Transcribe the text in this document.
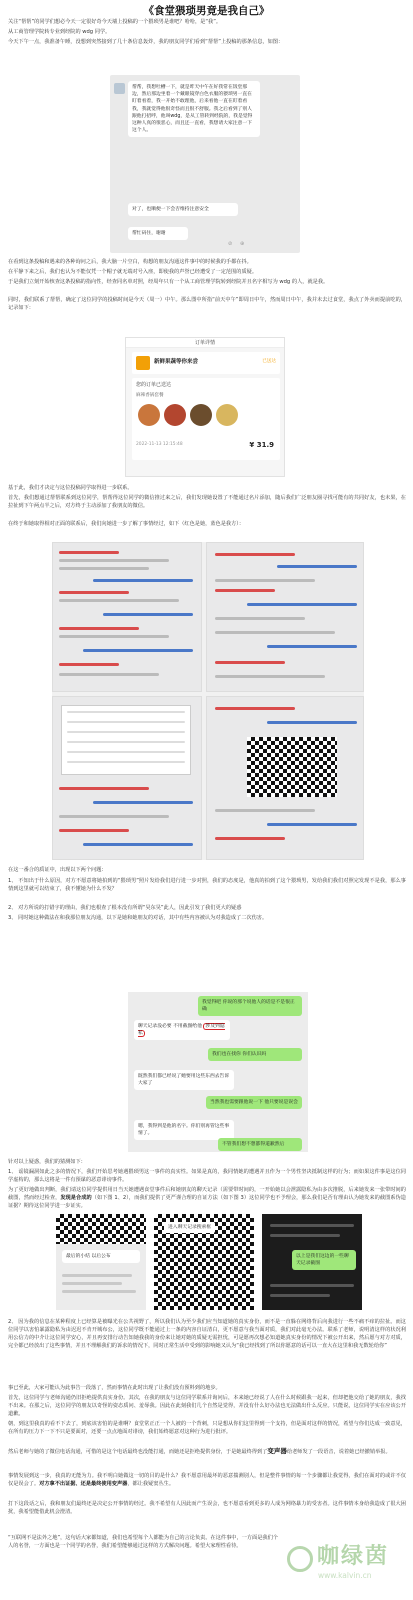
《食堂猥琐男竟是我自己》
关注“帮帮”的同学们想必今天一定很好奇今天墙上投稿的一个猥琐男是谁吧？哈哈，是“我”。
从工商管理学院转专业到经院的 wdg 同学。
今天下午一点，我准备午睡，没想到突然接到了几十条信息轰炸，我的朋友同学们看到“帮帮”上投稿的那条信息，如图：
帮帮，我想吐槽一下，就是昨天中午在好我常在饭堂那边，然后那边坐着一个戴眼镜穿白色衣服的猥琐男一直在盯着看着，我一开始不敢理他，后来看他一直在盯着看我，我就觉得他很奇怪而且很不舒服。我之后看到了别人跟他打招呼，他叫wdg，是从工管转到经院的，我是觉得这种人真的很恶心，而且还一直看，我想请大家注意一下这个人。
对了，也顺便一下会否维持注意安全
帮忙码住，谢谢
⊘ ⊕
在看到这条投稿和遇来的各种询问之后，我大脑一片空白，构想的朋友沟通这件事中的时候我的手都在抖。
在平静下来之后，我们也认为不能仅凭一个帽子就无端对号入座，即使我的声誉已经遭受了一定范围的质疑。
于是我们立刻开始核查这条投稿的指向性，经查同名单对照，经周年只有一个从工商管理学院转到经院并且名字相写为 wdg 的人，就是我。
同时，我们联系了帮帮，确定了这位同学的投稿时间是今天（周一）中午。那么图中所指“前天中午”即周日中午，然而周日中午，我并未去过食堂，我点了外卖而提前吃的，记录如下：
订单详情
新鲜果蔬等你来尝	已送达
您的订单已送达
麻辣香锅套餐
2022-11-13 12:15:48	¥ 31.9
基于此，我们才决定与这位投稿同学取得进一步联系。
首先，我们想通过帮帮联系到这位同学，帮帮得这位同学的微信推过来之后，我们发现她设置了不能通过名片添加，随后我们广泛朋友圈寻找可能有的共同好友，也未果，在拉扯到下午两点半之后，对方终于主动添加了我朋友的微信。
在终于和她取得相对正面的联系后，我们向她进一步了解了事情经过，如下（红色是她，蓝色是我方）：
在这一番合的质证中，出现以下两个问题：
1、 不知出于什么原因，对方不愿意将她拍到的“猥琐男”照片发给我们进行进一步对照，我们的态度是，他真的拍到了这个猥琐男，发给我们我们对照完发现不是我，那么事情到这里就可以结束了，我不懂她为什么不发？
2、 对方所说的打错字的理由，我们也根查了根本没有所谓“昊东昊”此人，因此引发了我们更大的疑惑
3、 同时她这种做法在和我那位朋友沟通，以下是她和她朋友的对话，其中有些内容被认为对我造成了二次伤害。
我觉得吧 你说的那个说他人的话是不是很正确
聊天记录没必要 不用截图给他 涉及到隐私
我们也在找你 你们认识吗
既然我们都已经说了她要用这些东西去告诉大家了
当然我也需要跟他说一下 他只要说是误会
嗯，我得到是他的名字。你们别再管这些事情了。
不管我们想不想都得道歉然后
针对以上疑惑，我们的猜测如下：
1、 谣镜漏洞如此之多的情况下，我们开始思考她遇猥琐男这一事件的真实性。如果是真的，我同情她的遭遇并且作为一个男性坚决抵制这样的行为；而如果这件事是这位同学虚构的，那么这将是一件有预谋的恶意诽谤事件。
为了更好地做出判断，我们请这位同学提供用日当天她遭遇食堂事件后和她朋友的聊天记录（需要带时间的，一开始她以会泄露隐私为由多次推脱，后来她发来一张带时间的截图，然而经过检查，发现是合成的（如下图 1、2），而我们提供了更严谨合理的自证方法（如下图 3）这位同学也不予理会，那么我们是否有理由认为她发来的截图系伪造证据？期待这位同学进一步证实。
最后的小结 以后公布
进入聊天记录搜索框
以上是我们这边的一些聊天记录截图
2、 因为我的信息在某种程度上已经算是被曝光在公共视野了，所以我们认为至少我们应当知道她的真实身份，而不是一直躲在网络背后向我进行一些不痛不痒的拉扯。而这位同学以害怕暴露隐私为由迟迟不肯开城布公，这位同学既不能通过上一条的内容自证清白，更不愿意与我当面对质，我们对此毫无办法。联系了老师，说明清这样的状况利用公信力的中介让这位同学安心，并且再安排行动告知她我我的身份来让她对她的质疑无需担忧，可是愿再次想必知道她真实身份的情况下被公开出来，然后愿与对方对质，完全都已经放出了这些事情，并且不理解我们的诉求的情况下，同时正常生活中受到的影响她又认为“我已经找到了所以你愿意的话可以一直大在这里和我无数轮给你”
事已至此，大家可能认为此事告一段落了，然而事情在此时出现了让我们没有预料到的地步。
首先，这位同学与老师沟通仍旧拒绝提供真实身份。其次，在我的朋友与这位同学联系并询问后，本来她已经说了人在什么时候跟我一起来，但却把他交给了她的朋友，我找不出来。在那之后，这位同学的朋友以奇怪的姿态质问、羞辱我。因此在此刻我们几个自然是觉得，并没有什么好办法也无法做出什么反应。只能说，这位同学实在应该公开道歉。
朝，到这里我真的看不下去了，到底该害怕的是谁啊？食堂常正正一个人被的一个背刺，只是想从你们这里得到一个支持，但是面对这样的情况，希望与你们达成一致意见，在所有的压力下一下不只是要面对，还要一点点地面对诽谤，我们始终愿意对这种行为进行批评。
然后老师与她的了微信电话沟通，可惜的是这个电话最终也没能打通，而她还是拒绝提供身份，于是她最终得到了变声器给老师发了一段语音，说着她已经撤销举报。
事情发展到这一步，我真的无能为力。我不明白她做这一切的目的是什么？我不愿意用最坏的恶意揣测别人，但是整件事情的每一个步骤都让我觉得，我们在面对的或许不仅仅是误会了。对方拿不出证据、还是最终使用变声器，都让我疑窦丛生。
打下这段话之后，我和朋友们最终还是决定公开事情的经过。我不希望有人因此而产生误会，也不愿意看到更多的人成为网络暴力的受害者。这件事情本身给我造成了很大困扰，我希望能借此机会澄清。
“互联网不是法外之地”，这句话大家都知道，我们也希望每个人都能为自己的言论负责。在这件事中，一方面是我们个人的名誉，一方面也是一个同学的名誉，我们希望能够通过这样的方式解决问题。希望大家理性看待。	咖绿茵
www.kalvin.cn
